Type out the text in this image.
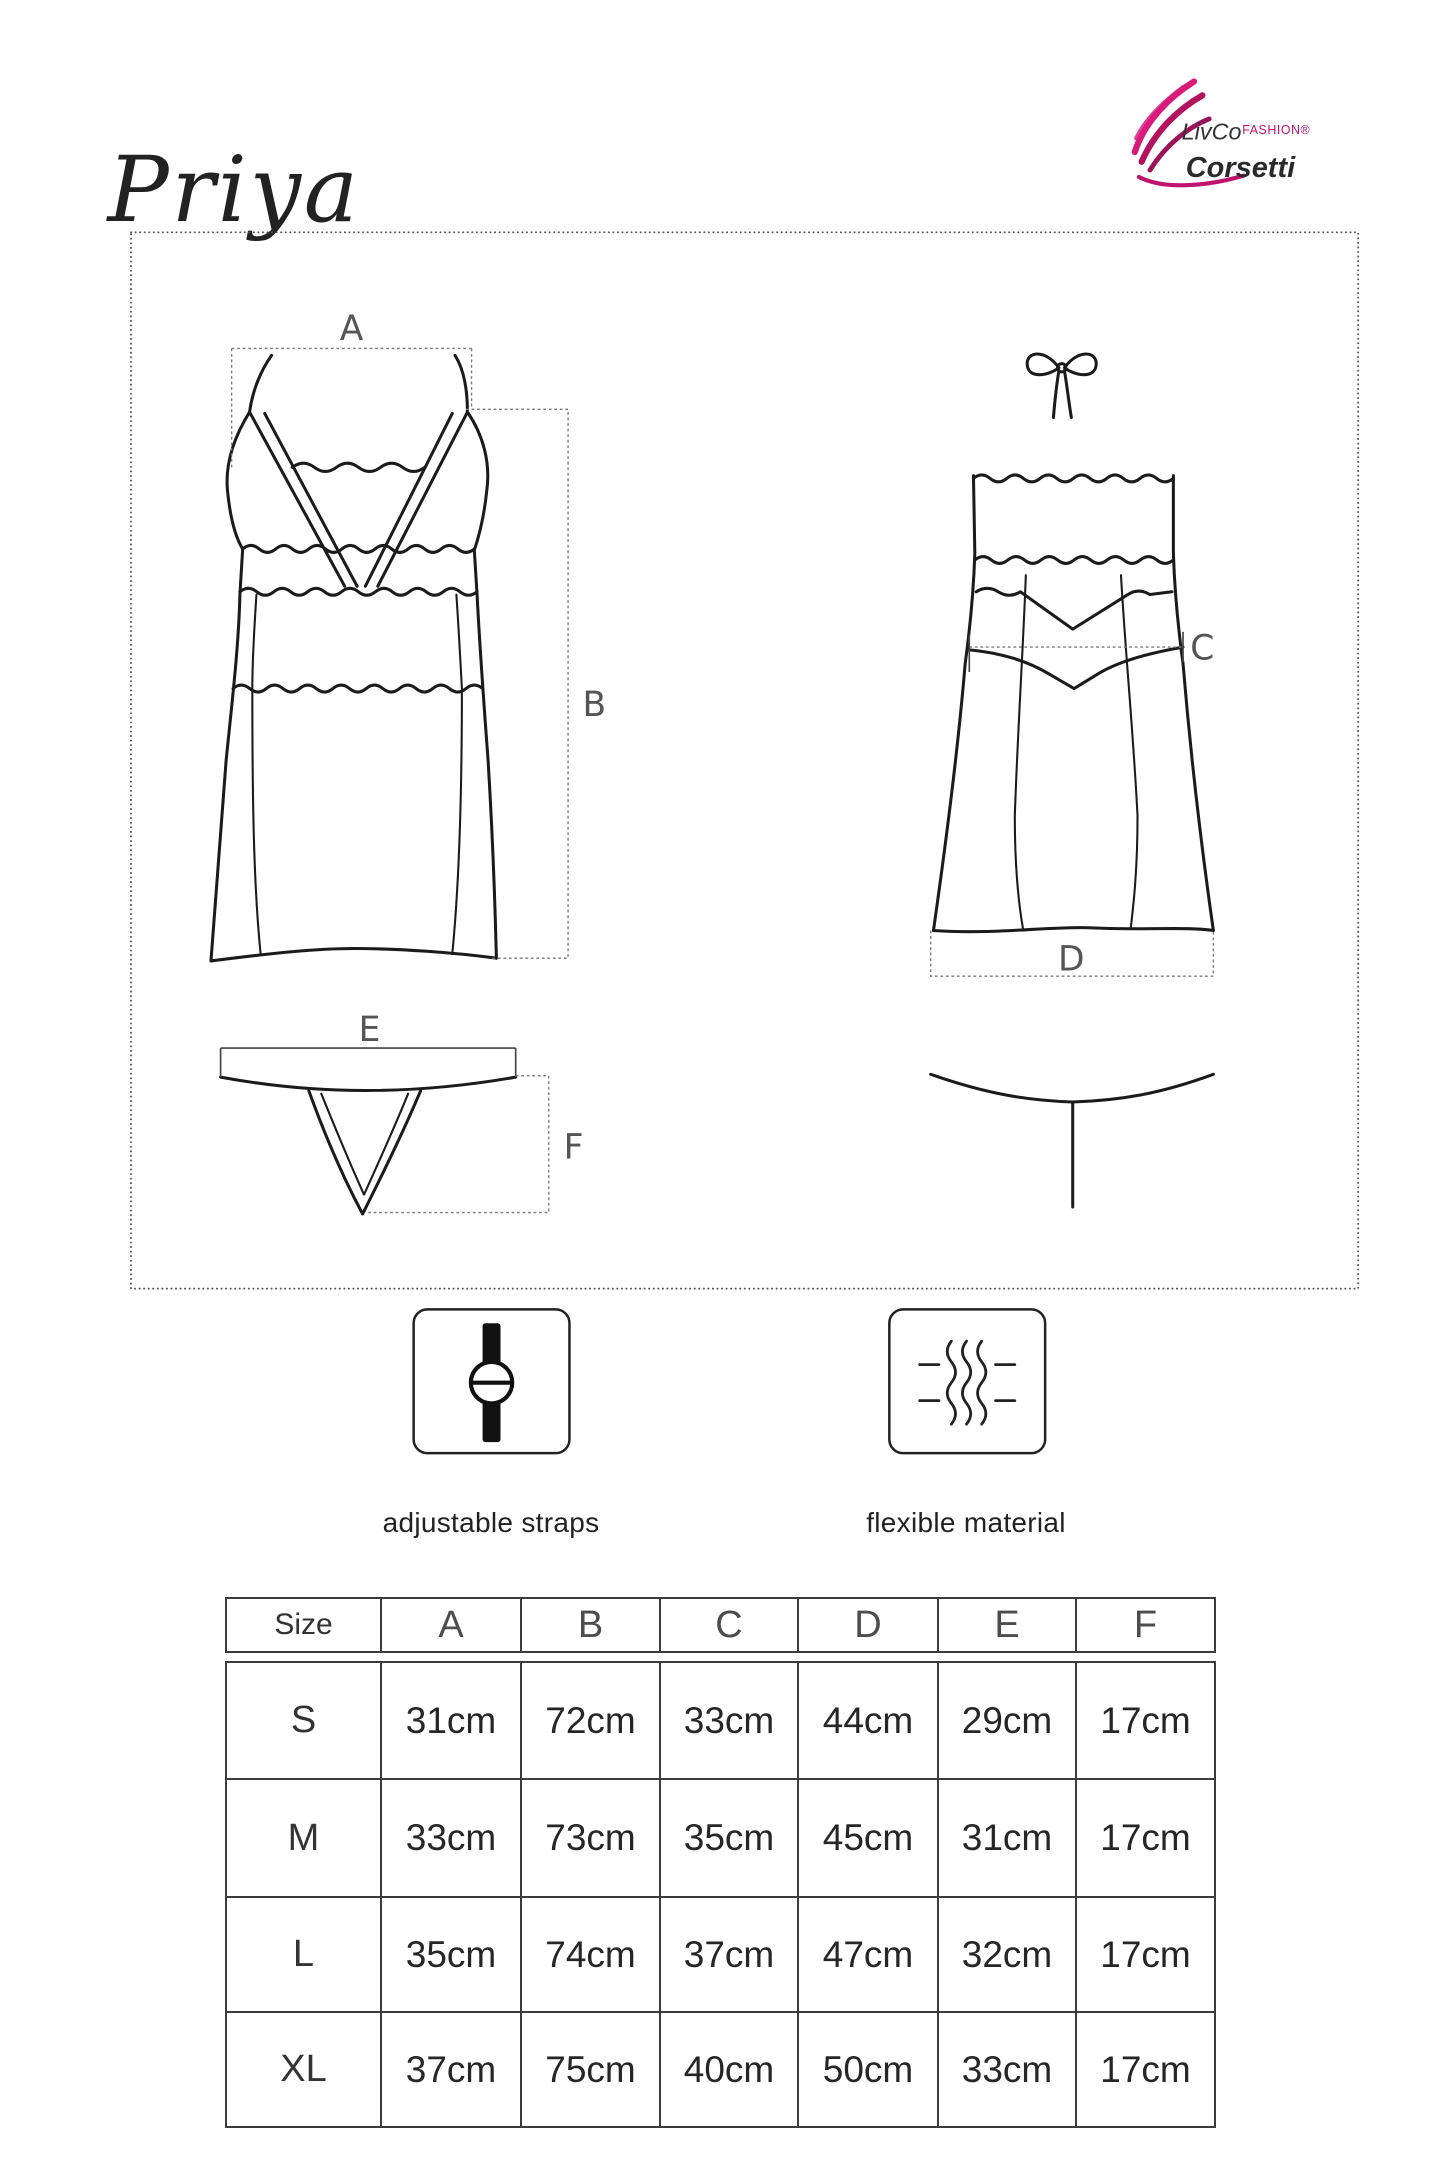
Priya
LivCo FASHION®
Corsetti
A
B
C
D
E
F
adjustable straps	flexible material
Size	A	B	C	D	E	F
S	31cm	72cm	33cm	44cm	29cm	17cm
M	33cm	73cm	35cm	45cm	31cm	17cm
L	35cm	74cm	37cm	47cm	32cm	17cm
XL	37cm	75cm	40cm	50cm	33cm	17cm
